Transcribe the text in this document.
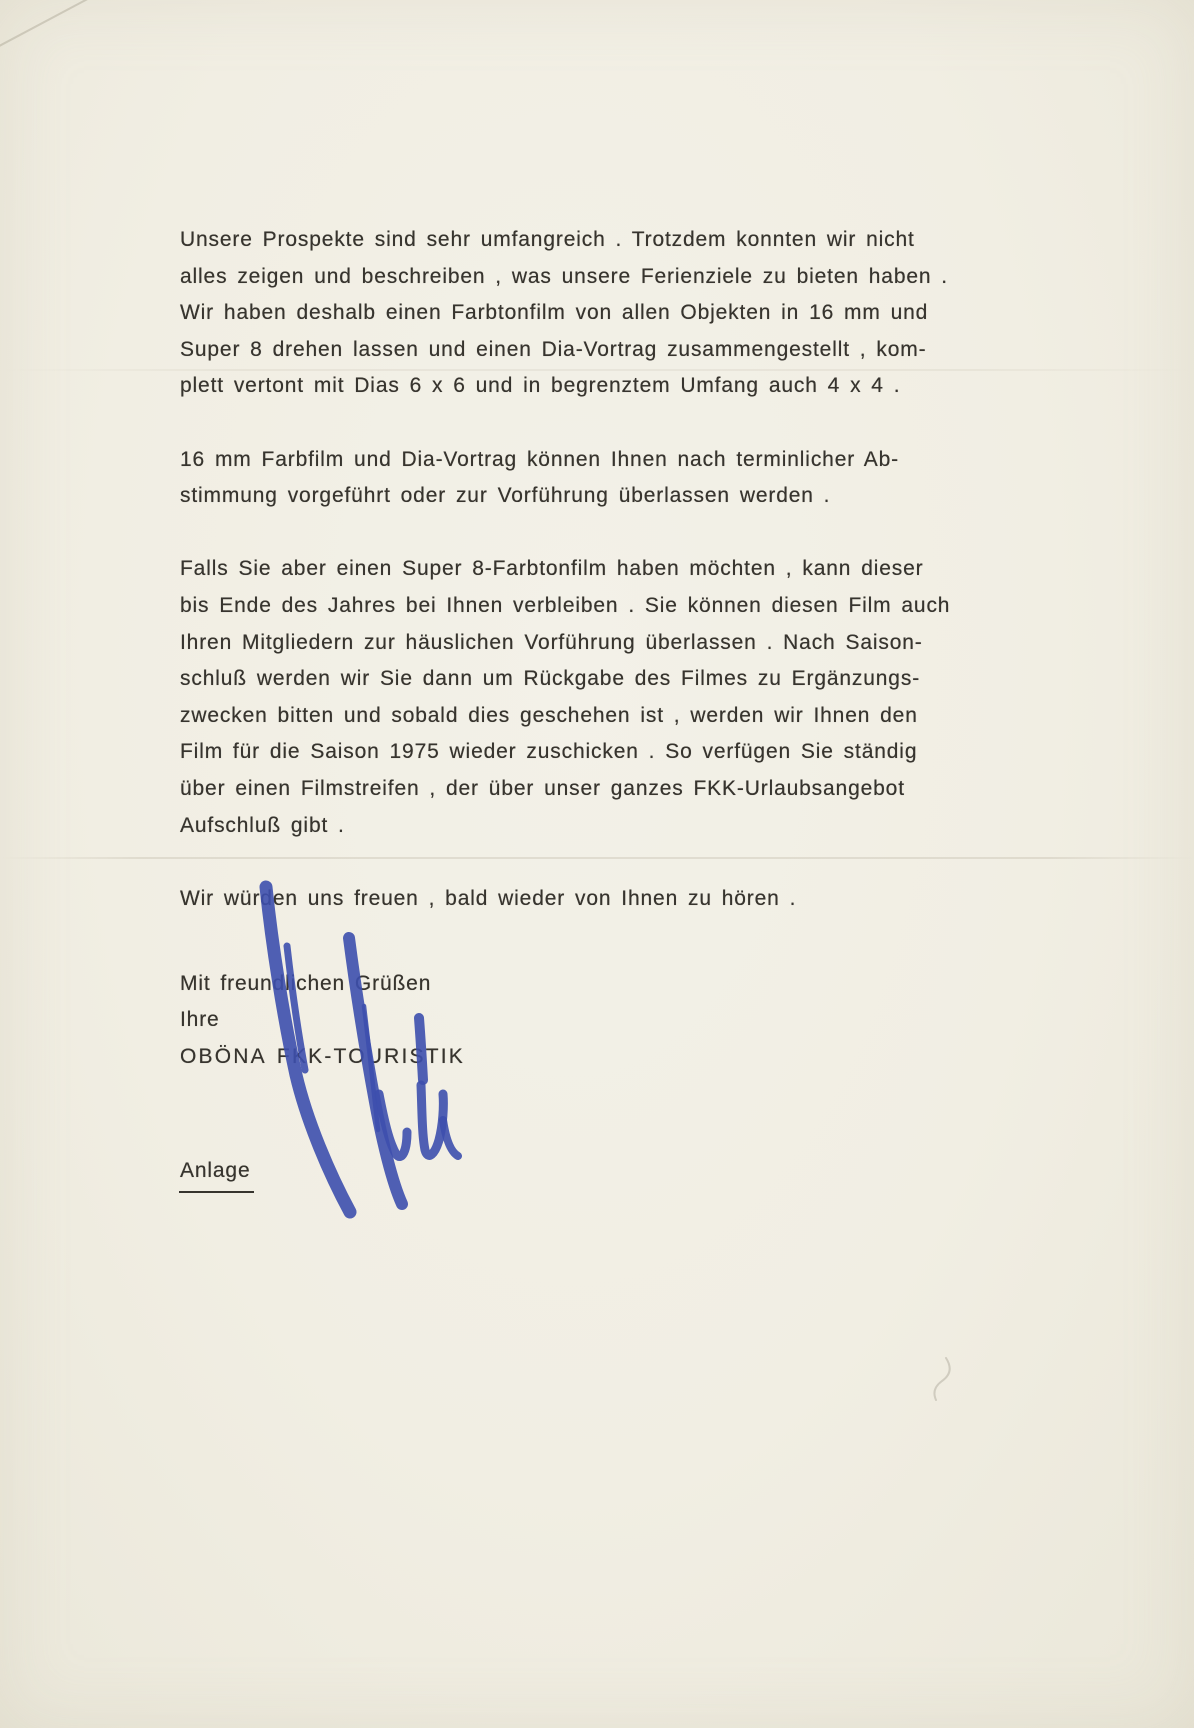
Unsere Prospekte sind sehr umfangreich . Trotzdem konnten wir nicht
alles zeigen und beschreiben , was unsere Ferienziele zu bieten haben .
Wir haben deshalb einen Farbtonfilm von allen Objekten in 16 mm und
Super 8 drehen lassen und einen Dia-Vortrag zusammengestellt , kom-
plett vertont mit Dias 6 x 6 und in begrenztem Umfang auch 4 x 4 .
16 mm Farbfilm und Dia-Vortrag können Ihnen nach terminlicher Ab-
stimmung vorgeführt oder zur Vorführung überlassen werden .
Falls Sie aber einen Super 8-Farbtonfilm haben möchten , kann dieser
bis Ende des Jahres bei Ihnen verbleiben . Sie können diesen Film auch
Ihren Mitgliedern zur häuslichen Vorführung überlassen . Nach Saison-
schluß werden wir Sie dann um Rückgabe des Filmes zu Ergänzungs-
zwecken bitten und sobald dies geschehen ist , werden wir Ihnen den
Film für die Saison 1975 wieder zuschicken . So verfügen Sie ständig
über einen Filmstreifen , der über unser ganzes FKK-Urlaubsangebot
Aufschluß gibt .
Wir würden uns freuen , bald wieder von Ihnen zu hören .
Mit freundlichen Grüßen
Ihre
OBÖNA FKK-TOURISTIK
Anlage
